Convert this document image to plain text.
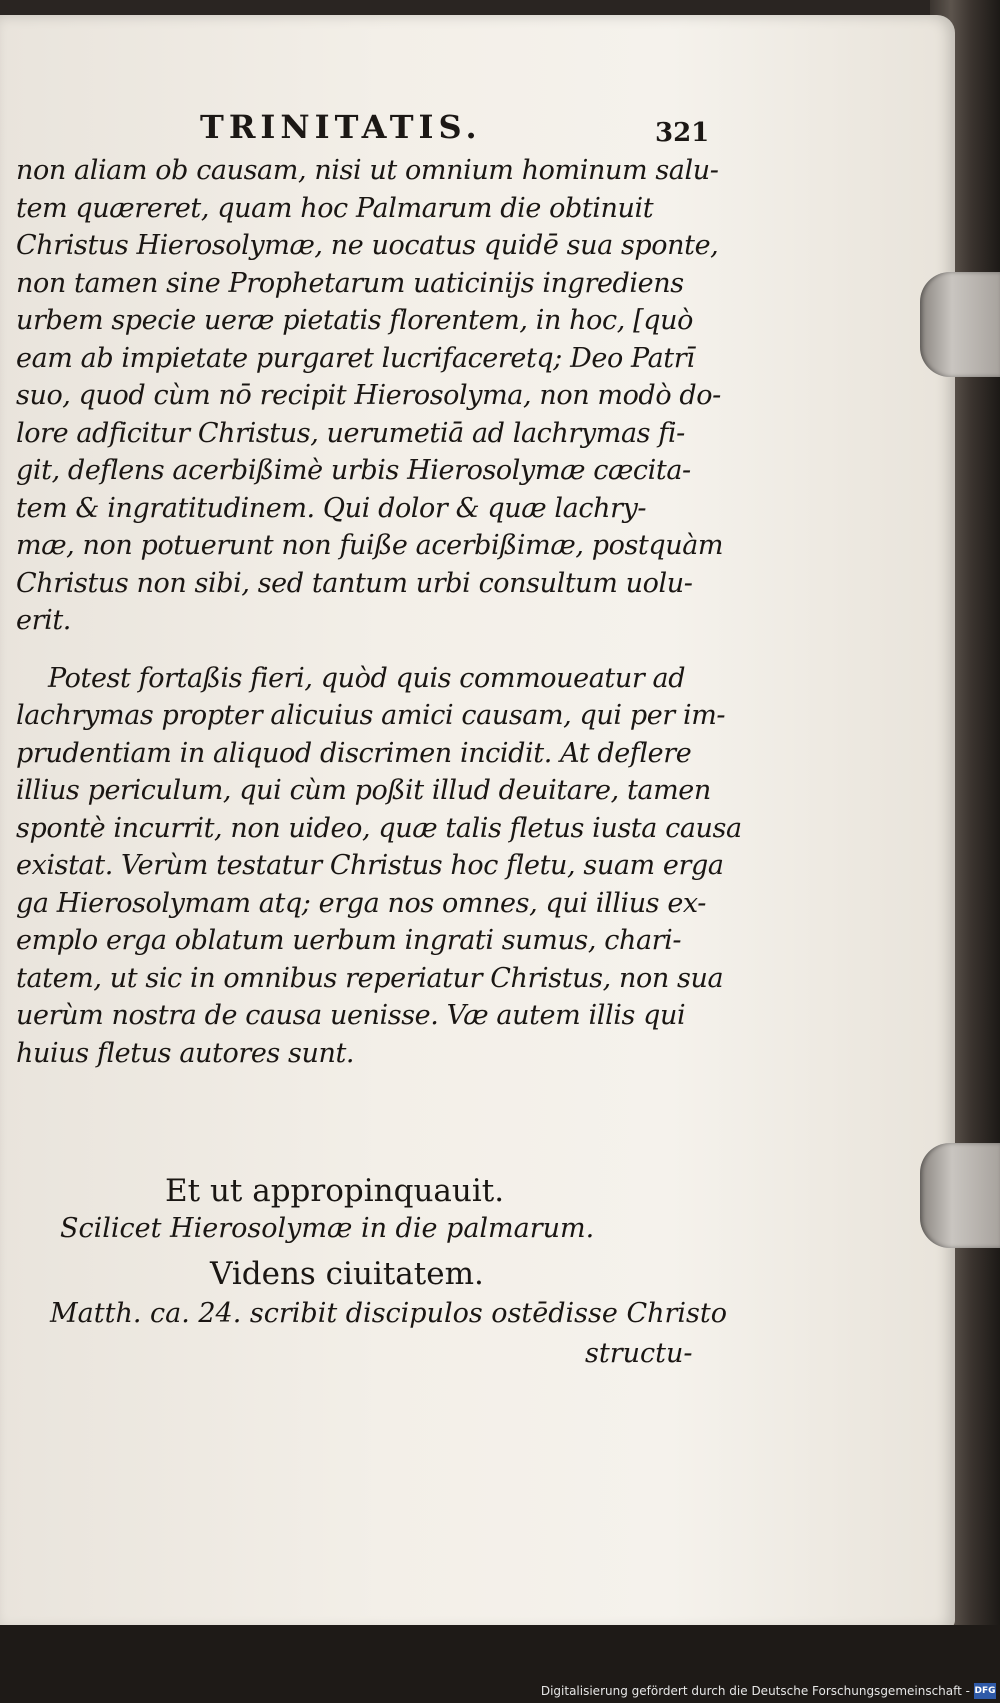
TRINITATIS.	321
non aliam ob causam, nisi ut omnium hominum salu-
tem quæreret, quam hoc Palmarum die obtinuit
Christus Hierosolymæ, ne uocatus quidē sua sponte,
non tamen sine Prophetarum uaticinijs ingrediens
urbem specie ueræ pietatis florentem, in hoc, [quò
eam ab impietate purgaret lucrifaceretq; Deo Patrī
suo, quod cùm nō recipit Hierosolyma, non modò do-
lore adficitur Christus, uerumetiā ad lachrymas fi-
git, deflens acerbißimè urbis Hierosolymæ cæcita-
tem & ingratitudinem. Qui dolor & quæ lachry-
mæ, non potuerunt non fuiße acerbißimæ, postquàm
Christus non sibi, sed tantum urbi consultum uolu-
erit.
Potest fortaßis fieri, quòd quis commoueatur ad
lachrymas propter alicuius amici causam, qui per im-
prudentiam in aliquod discrimen incidit. At deflere
illius periculum, qui cùm poßit illud deuitare, tamen
spontè incurrit, non uideo, quæ talis fletus iusta causa
existat. Verùm testatur Christus hoc fletu, suam erga
ga Hierosolymam atq; erga nos omnes, qui illius ex-
emplo erga oblatum uerbum ingrati sumus, chari-
tatem, ut sic in omnibus reperiatur Christus, non sua
uerùm nostra de causa uenisse. Væ autem illis qui
huius fletus autores sunt.
Et ut appropinquauit.
Scilicet Hierosolymæ in die palmarum.
Videns ciuitatem.
Matth. ca. 24. scribit discipulos ostēdisse Christo
structu-
Digitalisierung gefördert durch die Deutsche Forschungsgemeinschaft - DFG
